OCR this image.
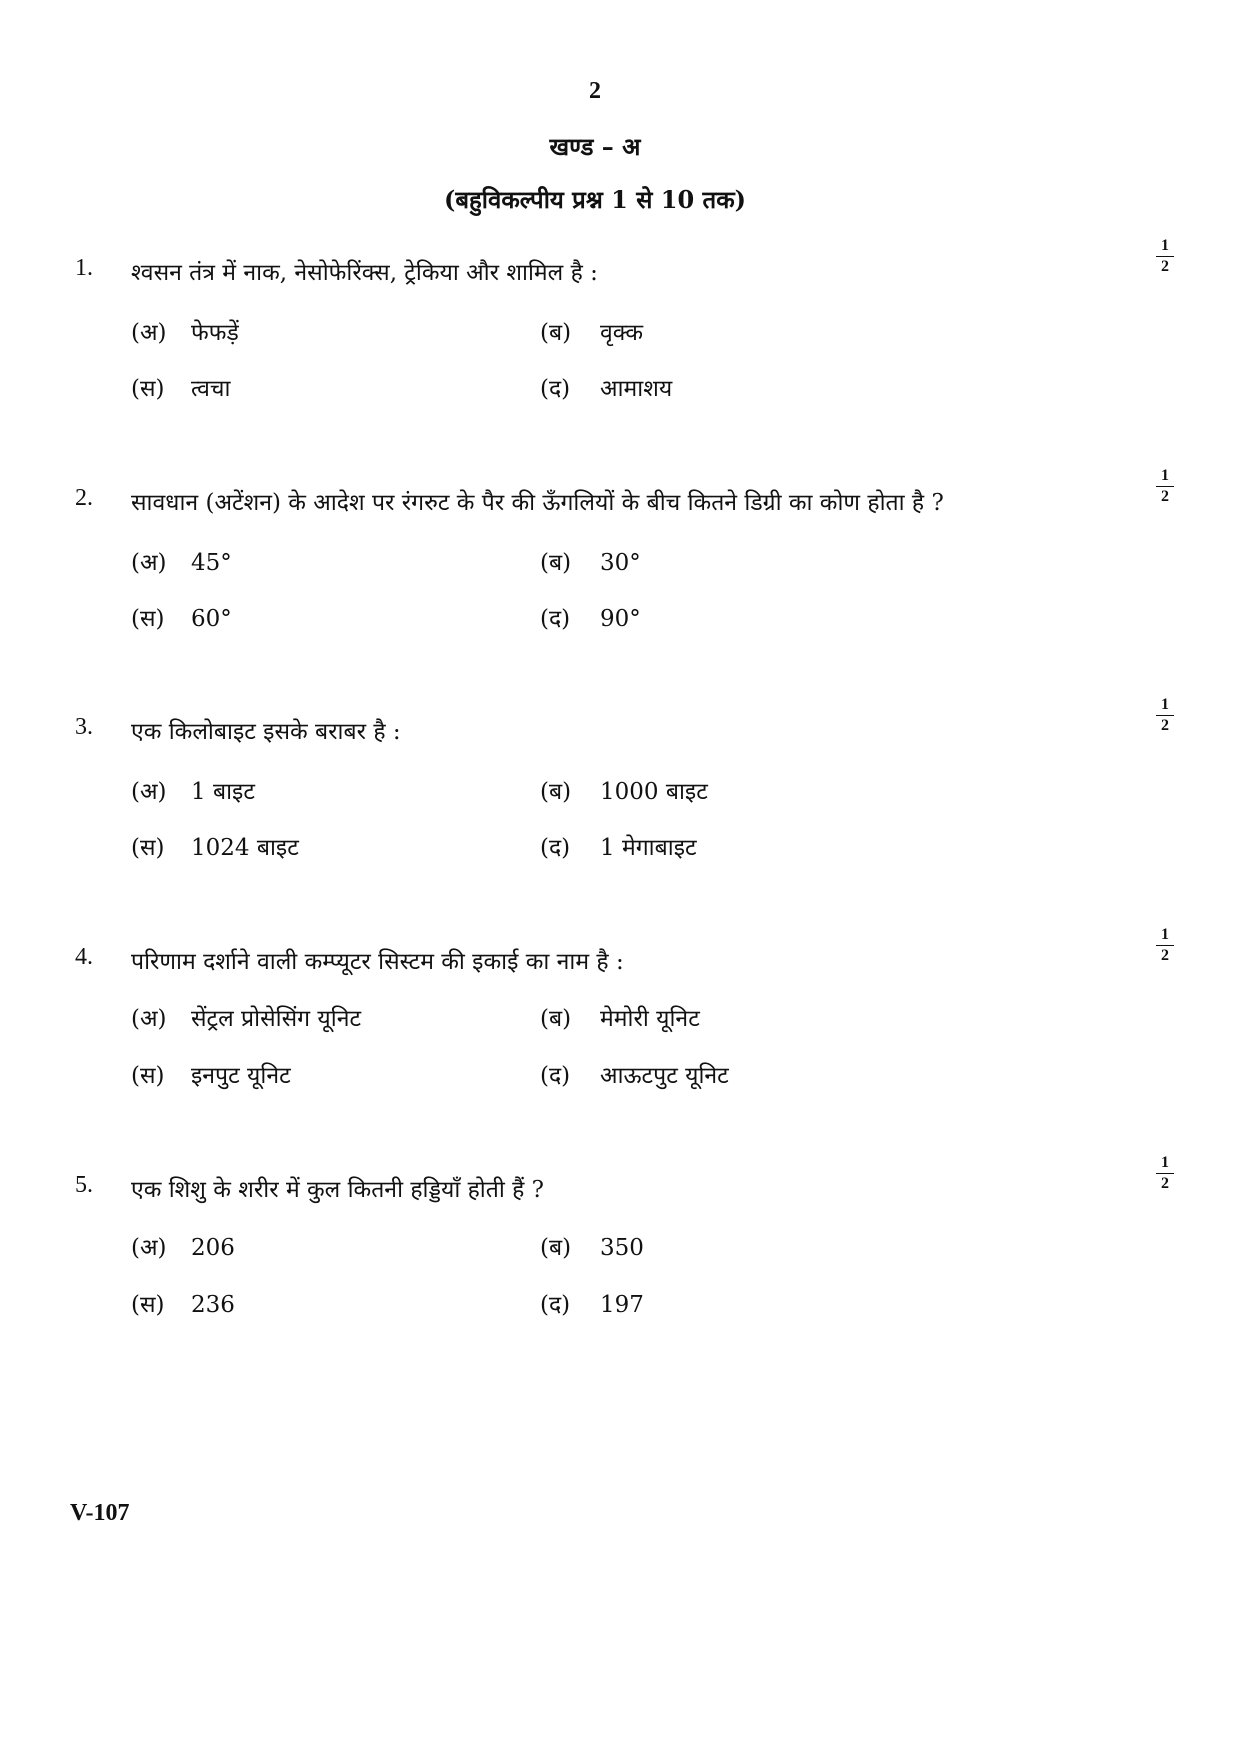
2
खण्ड – अ
(बहुविकल्पीय प्रश्न 1 से 10 तक)
1. श्वसन तंत्र में नाक, नेसोफेरिंक्स, ट्रेकिया और शामिल है :	$\frac{1}{2}$
(अ) फेफड़ें	(ब) वृक्क
(स) त्वचा	(द) आमाशय
2. सावधान (अटेंशन) के आदेश पर रंगरुट के पैर की ऊँगलियों के बीच कितने डिग्री का कोण होता है ?	$\frac{1}{2}$
(अ) 45°	(ब) 30°
(स) 60°	(द) 90°
3. एक किलोबाइट इसके बराबर है :	$\frac{1}{2}$
(अ) 1 बाइट	(ब) 1000 बाइट
(स) 1024 बाइट	(द) 1 मेगाबाइट
4. परिणाम दर्शाने वाली कम्प्यूटर सिस्टम की इकाई का नाम है :	$\frac{1}{2}$
(अ) सेंट्रल प्रोसेसिंग यूनिट	(ब) मेमोरी यूनिट
(स) इनपुट यूनिट	(द) आऊटपुट यूनिट
5. एक शिशु के शरीर में कुल कितनी हड्डियाँ होती हैं ?	$\frac{1}{2}$
(अ) 206	(ब) 350
(स) 236	(द) 197
V-107
